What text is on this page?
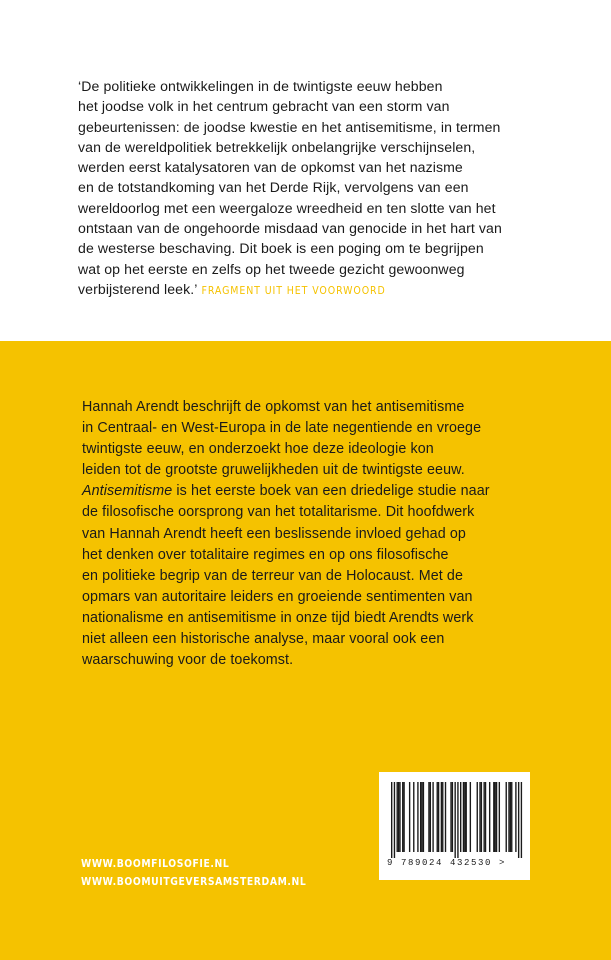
‘De politieke ontwikkelingen in de twintigste eeuw hebben
het joodse volk in het centrum gebracht van een storm van
gebeurtenissen: de joodse kwestie en het antisemitisme, in termen
van de wereldpolitiek betrekkelijk onbelangrijke verschijnselen,
werden eerst katalysatoren van de opkomst van het nazisme
en de totstandkoming van het Derde Rijk, vervolgens van een
wereldoorlog met een weergaloze wreedheid en ten slotte van het
ontstaan van de ongehoorde misdaad van genocide in het hart van
de westerse beschaving. Dit boek is een poging om te begrijpen
wat op het eerste en zelfs op het tweede gezicht gewoonweg
verbijsterend leek.’ FRAGMENT UIT HET VOORWOORD
Hannah Arendt beschrijft de opkomst van het antisemitisme
in Centraal- en West-Europa in de late negentiende en vroege
twintigste eeuw, en onderzoekt hoe deze ideologie kon
leiden tot de grootste gruwelijkheden uit de twintigste eeuw.
Antisemitisme is het eerste boek van een driedelige studie naar
de filosofische oorsprong van het totalitarisme. Dit hoofdwerk
van Hannah Arendt heeft een beslissende invloed gehad op
het denken over totalitaire regimes en op ons filosofische
en politieke begrip van de terreur van de Holocaust. Met de
opmars van autoritaire leiders en groeiende sentimenten van
nationalisme en antisemitisme in onze tijd biedt Arendts werk
niet alleen een historische analyse, maar vooral ook een
waarschuwing voor de toekomst.
9 789024 432530 >
WWW.BOOMFILOSOFIE.NL
WWW.BOOMUITGEVERSAMSTERDAM.NL
